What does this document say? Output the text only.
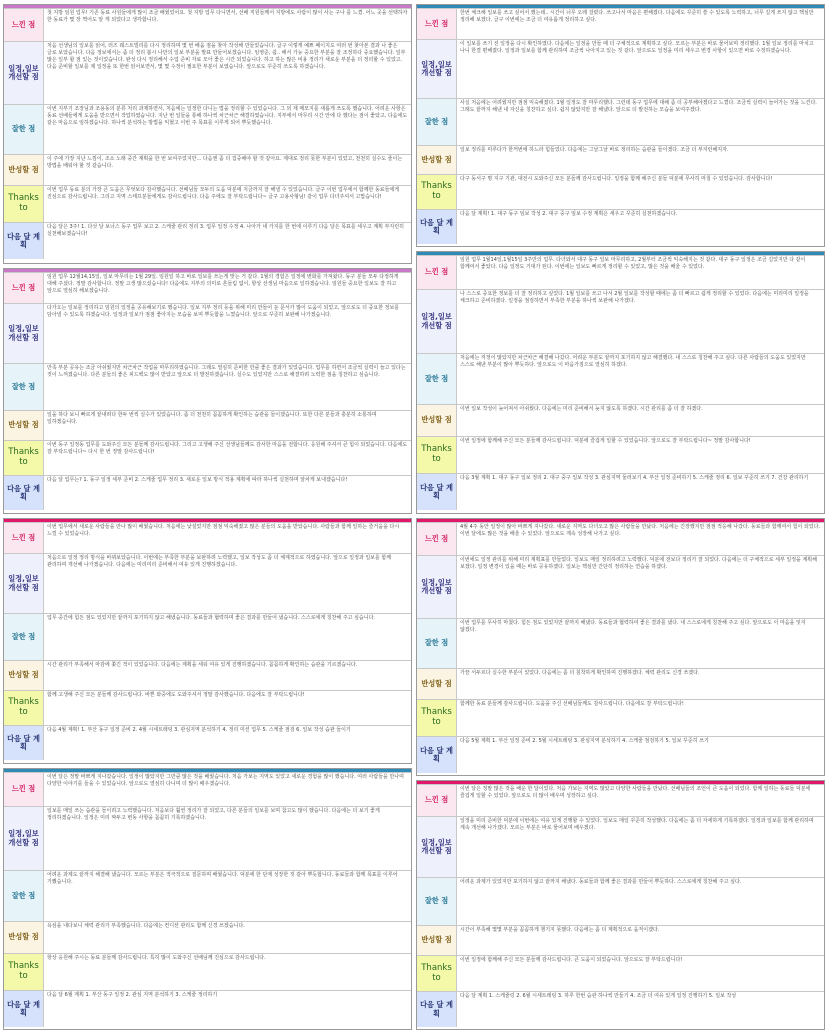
느낀 점
첫 지방 임원 업무! 기존 동료 사원들에게 많이 조금 배웠었어요. 첫 지방 업무 다니면서, 선배 직원들께서 지방에도 사람이 많이 사는 구나 를 느꼈. 어느 곳을 선택하자 한 동료가 몇 장 찍어도 알 게 되었다고 생각합니다.
일정,일보 개선할 점
처음 선생님의 일보를 읽어, 러즈 웨스트빌리를 다시 정리하며 몇 번 배움 점을 찾아 작성해 만들었습니다. 글구 이렇게 예쁘 페이지도 여러 번 찾아본 결과 나 좋은 글로 보았습니다. 다음 정보에서는 좀 더 정리 봅시 나만의 일보 부분을 발표 만들어보겠습니다. 임영준, 쉽.. 해서 가능 중요한 부분을 잘 조정하다 중요했습니다. 일부 많은 일부 할 점 있는 것이었습니다. 완성 다시 정리해서 수업 준비 자료 모아 좋은 시간 되었습니다. 하고 하는 많은 비용 정리가 새로운 부분을 더 정리할 수 있었고. 다음 준비할 일보를 제 일정을 또 한번 읽어보면서, 몇 몇 수정이 필요한 부분이 보였습니다. 앞으로도 꾸준히 쓰도록 하겠습니다.
잘한 점
이번 지부기 조장님과 조용동의 분류 처리 과제하면서, 처음에는 일정한 다니는 법을 정리할 수 있었습니다. 그 외 제 메모지를 새롭게 쓰도록 했습니다. 어려운 사항은 동료 선배들에게 도움을 받으면서 작업하였습니다. 지난 번 일들을 통해 하나씩 차근차근 해결하였습니다. 지부에서 마무리 시간 안에 다 했다는 점이 좋았고, 다음에도 같은 마음으로 임하겠습니다. 하나씩 분석하는 방법을 익혔고 이번 주 목표를 이루게 되어 뿌듯했습니다.
반성할 점
이 주에 가장 지난 느낌이, 조소 노래 중간 계획을 한 번 보여주었지만... 다음엔 좀 더 집중해야 할 것 같아요. 제대로 정리 못한 부분이 있었고, 천천히 실수도 줄이는 방법을 배워야 할 것 같습니다.
Thanks to
이번 업무 동료 분의 가장 큰 도움은 무엇보다 감사했습니다. 선배님들 모두의 도움 덕분에 지금까지 잘 해낼 수 있었습니다. 글구 이번 업무에서 함께한 동료들에게 진심으로 감사드립니다. 그리고 지역 스태프분들에게도 감사드립니다. 다음 주에도 잘 부탁드립니다~ 글구 고용사형님! 같이 업무 다녀주셔서 고맙습니다!
다음 달 계획
다음 달은 3주! 1. 다섯 달 보너스 동구 업무 보고 2. 스케줄 관리 정리 3. 업무 일정 수정 4. 나아가 네 가지를 한 번에 이루기 다음 달은 목표를 세우고 계획 부지런히 실천해보겠습니다!
느낀 점
임원 업무 12월14,15일, 일보 마무리는 1월 29일. 임원일 하고 바로 일보를 쓰는게 맞는 거 같다. 1월의 경험은 일정에 변화를 가져왔다. 동구 분들 모두 다정하게 대해 주셨다. 정말 감사합니다. 정말 고생 많으셨습니다! 다음에도 지부의 의미로 흔들림 없이, 항상 선생님 마음으로 일하겠습니다. 임원들 중요한 일보도 잘 하고 앞으로 열심히 해보겠습니다.
일정,일보 개선할 점
다가오는 일보를 정리하고 임원의 일정을 공유해보기로 했습니다. 일보 지부 정리 등을 위해 미리 만들어 둔 문서가 많이 도움이 되었고, 앞으로도 더 중요한 정보를 담아낼 수 있도록 하겠습니다. 일정과 일보가 점점 좋아지는 모습을 보며 뿌듯함을 느꼈습니다. 앞으로 꾸준히 보완해 나가겠습니다.
잘한 점
만족 부분 공유는 조금 아쉬웠지만 차근차근 작업을 마무리하였습니다. 그래도 열심히 준비한 만큼 좋은 결과가 있었습니다. 업무를 하면서 조금씩 실력이 늘고 있다는 것이 느껴졌습니다. 다른 분들의 좋은 피드백도 많이 받았고 앞으로 더 발전하겠습니다. 실수도 있었지만 스스로 해결하려 노력한 점을 칭찬하고 싶습니다.
반성할 점
일을 하다 보니 빠르게 끝내려다 한두 번씩 실수가 있었습니다. 좀 더 천천히 꼼꼼하게 확인하는 습관을 들이겠습니다. 또한 다른 분들과 충분히 소통하며 일하겠습니다.
Thanks to
이번 동구 일정동 업무를 도와주신 모든 분들께 감사드립니다. 그리고 고생해 주신 선생님들께도 감사한 마음을 전합니다. 응원해 주셔서 큰 힘이 되었습니다. 다음에도 잘 부탁드립니다~ 다시 한 번 정말 감사드립니다!
다음 달 계획
다음 달 업무는? 1. 동구 일정 세부 준비 2. 스케줄 업무 정리 3. 새로운 일보 방식 적용 계획에 따라 하나씩 실천하며 알차게 보내겠습니다!
느낀 점
이번 업무에서 새로운 사람들을 만나 많이 배웠습니다. 처음에는 낯설었지만 점점 익숙해졌고 많은 분들의 도움을 받았습니다. 사람들과 함께 일하는 즐거움을 다시 느낄 수 있었습니다.
일정,일보 개선할 점
처음으로 일정 정리 방식을 바꿔보았습니다. 이번에는 부족한 부분을 보완하려 노력했고, 일보 작성도 좀 더 체계적으로 하였습니다. 앞으로 일정과 일보를 함께 관리하며 개선해 나가겠습니다. 다음에는 미리미리 준비해서 여유 있게 진행하겠습니다.
잘한 점
업무 중간에 힘든 점도 있었지만 끝까지 포기하지 않고 해냈습니다. 동료들과 협력하며 좋은 결과를 만들어 냈습니다. 스스로에게 칭찬해 주고 싶습니다.
반성할 점
시간 관리가 부족해서 마감에 쫓긴 적이 있었습니다. 다음에는 계획을 세워 여유 있게 진행하겠습니다. 꼼꼼하게 확인하는 습관을 기르겠습니다.
Thanks to
함께 고생해 주신 모든 분들께 감사드립니다. 바쁜 와중에도 도와주셔서 정말 감사했습니다. 다음에도 잘 부탁드립니다!
다음 달 계획
다음 4월 계획! 1. 부산 동구 일정 준비 2. 4월 시세트레팅 3. 관심지역 분석하기 4. 정리 미션 업무 5. 스케줄 점검 6. 일보 작성 습관 들이기
느낀 점
이번 달은 정말 바쁘게 지나갔습니다. 일정이 많았지만 그만큼 많은 것을 배웠습니다. 처음 가보는 지역도 있었고 새로운 경험을 많이 했습니다. 여러 사람들을 만나며 다양한 이야기를 들을 수 있었습니다. 앞으로도 열심히 다니며 더 많이 배우겠습니다.
일정,일보 개선할 점
일보를 매일 쓰는 습관을 들이려고 노력했습니다. 처음보다 훨씬 정리가 잘 되었고, 다른 분들의 일보를 보며 참고도 많이 했습니다. 다음에는 더 보기 좋게 정리하겠습니다. 일정은 미리 짜두고 변동 사항을 꼼꼼히 기록하겠습니다.
잘한 점
어려운 과제도 끝까지 해결해 냈습니다. 모르는 부분은 적극적으로 질문하며 배웠습니다. 덕분에 한 단계 성장한 것 같아 뿌듯합니다. 동료들과 함께 목표를 이루어 기뻤습니다.
반성할 점
욕심을 내다보니 체력 관리가 부족했습니다. 다음에는 컨디션 관리도 함께 신경 쓰겠습니다.
Thanks to
항상 응원해 주시는 동료 분들께 감사드립니다. 특히 많이 도와주신 선배님께 진심으로 감사드립니다.
다음 달 계획
다음 달 6월 계획 1. 부산 동구 일정 2. 관심 지역 분석하기 3. 스케줄 정리하기
느낀 점
한번 체크해 일보를 쓰고 싶어서 했는데.. 시간이 너무 오래 걸렸다. 쓰고나서 마음은 편해졌다. 다음에도 꾸준히 쓸 수 있도록 노력하고, 너무 길게 쓰지 않고 핵심만 정리해 보겠다. 글구 이번에는 조금 더 여유롭게 정리하고 싶다.
일정,일보 개선할 점
이 일보를 쓰기 전 일정을 다시 확인하였다. 다음에는 일정을 만들 때 더 구체적으로 계획하고 싶다. 모르는 부분은 바로 물어보며 정리했다. 1월 일보 정리를 마치고 나니 한결 편해졌다. 일정과 일보를 함께 관리하며 조금씩 나아지고 있는 것 같다. 앞으로도 일정을 미리 세우고 변경 사항이 있으면 바로 수정하겠습니다.
잘한 점
사실 처음에는 어려웠지만 점점 익숙해졌다. 1월 일정도 잘 마무리했다. 그런데 동구 업무에 대해 좀 더 공부해야겠다고 느꼈다. 조금씩 실력이 늘어가는 것을 느낀다. 그래도 끝까지 해낸 내 자신을 칭찬하고 싶다. 쉽지 않았지만 잘 해냈다. 앞으로 더 발전하는 모습을 보여주겠다.
반성할 점
일보 정리를 미루다가 한꺼번에 하느라 힘들었다. 다음에는 그날그날 바로 정리하는 습관을 들이겠다. 조금 더 부지런해지자.
Thanks to
다구 동서구 명 지구 기관, 대전시 도와주신 모든 분들께 감사드립니다. 일정을 함께 해주신 분들 덕분에 무사히 마칠 수 있었습니다. 감사합니다!
다음 달 계획
다음 달 계획! 1. 대구 동구 임보 작성 2. 대구 중구 임보 수정 계획은 세우고 꾸준히 실천하겠습니다.
느낀 점
임원 업무 1월14일,1월15일 3주만의 업무. 다녀와서 대구 동구 일보 마무리하고, 2월부터 조금씩 익숙해지는 것 같다. 대구 동구 일정은 조금 길었지만 다 같이 함께여서 좋았다. 다음 일정도 기대가 된다. 이번에는 일보도 빠르게 정리할 수 있었고, 많은 것을 배울 수 있었다.
일정,일보 개선할 점
나 스스로 중요한 정보를 더 잘 정리하고 싶었다. 1월 일보를 쓰고 나서 2월 일보를 작성할 때에는 좀 더 빠르고 쉽게 정리할 수 있었다. 다음에는 미리미리 일정을 체크하고 준비하겠다. 일정을 점검하면서 부족한 부분을 하나씩 보완해 나가겠다.
잘한 점
처음에는 걱정이 많았지만 차근차근 해결해 나갔다. 어려운 부분도 끝까지 포기하지 않고 해결했다. 내 스스로 칭찬해 주고 싶다. 다른 사람들의 도움도 있었지만 스스로 해낸 부분이 많아 뿌듯하다. 앞으로도 이 마음가짐으로 열심히 하겠다.
반성할 점
이번 일보 작성이 늦어져서 아쉬웠다. 다음에는 미리 준비해서 늦지 않도록 하겠다. 시간 관리를 좀 더 잘 하겠다.
Thanks to
이번 일정에 함께해 주신 모든 분들께 감사드립니다. 덕분에 즐겁게 일할 수 있었습니다. 앞으로도 잘 부탁드립니다~ 정말 감사합니다!
다음 달 계획
다음 3월 계획 1. 대구 동구 일보 정리 2. 대구 중구 일보 작성 3. 관심지역 둘러보기 4. 부산 일정 준비하기 5. 스케줄 정리 6. 일보 꾸준히 쓰기 7. 건강 관리하기
느낀 점
4월 4주 동안 일정이 많아 바쁘게 지나갔다. 새로운 지역도 다녀오고 많은 사람들을 만났다. 처음에는 긴장했지만 점점 적응해 나갔다. 동료들과 함께여서 힘이 되었다. 이번 달에도 많은 것을 배울 수 있었다. 앞으로도 계속 성장해 나가고 싶다.
일정,일보 개선할 점
이번에도 일정 관리를 위해 미리 계획표를 만들었다. 일보도 매일 정리하려고 노력했다. 덕분에 전보다 정리가 잘 되었다. 다음에는 더 구체적으로 세부 일정을 계획해 보겠다. 일정 변경이 있을 때는 바로 공유하겠다. 일보는 핵심만 간단히 정리하는 연습을 하겠다.
잘한 점
이번 업무를 무사히 마쳤다. 힘든 점도 있었지만 끝까지 해냈다. 동료들과 협력하여 좋은 결과를 냈다. 내 스스로에게 칭찬해 주고 싶다. 앞으로도 이 마음을 잊지 않겠다.
반성할 점
가끔 서두르다 실수한 부분이 있었다. 다음에는 좀 더 침착하게 확인하며 진행하겠다. 체력 관리도 신경 쓰겠다.
Thanks to
함께한 동료 분들께 감사드립니다. 도움을 주신 선배님들께도 감사드립니다. 다음에도 잘 부탁드립니다!
다음 달 계획
다음 5월 계획 1. 부산 일정 준비 2. 5월 시세트레팅 3. 관심지역 분석하기 4. 스케줄 점검하기 5. 일보 꾸준히 쓰기
느낀 점
이번 달은 정말 많은 것을 배운 한 달이었다. 처음 가보는 지역도 많았고 다양한 사람들을 만났다. 선배님들의 조언이 큰 도움이 되었다. 함께 일하는 동료들 덕분에 즐겁게 일할 수 있었다. 앞으로도 더 많이 배우며 성장하고 싶다.
일정,일보 개선할 점
일정을 미리 준비한 덕분에 이번에는 여유 있게 진행할 수 있었다. 일보도 매일 꾸준히 작성했다. 다음에는 좀 더 자세하게 기록하겠다. 일정과 일보를 함께 관리하며 계속 개선해 나가겠다. 모르는 부분은 바로 물어보며 배우겠다.
잘한 점
어려운 과제가 있었지만 포기하지 않고 끝까지 해냈다. 동료들과 함께 좋은 결과를 만들어 뿌듯하다. 스스로에게 칭찬해 주고 싶다.
반성할 점
시간이 부족해 몇몇 부분을 꼼꼼하게 챙기지 못했다. 다음에는 좀 더 계획적으로 움직이겠다.
Thanks to
이번 일정에 함께해 주신 모든 분들께 감사드립니다. 큰 도움이 되었습니다. 앞으로도 잘 부탁드립니다!
다음 달 계획
다음 달 계획 1. 스케줄링 2. 6월 시세트레팅 3. 하루 한번 습관 하나씩 만들기 4. 조금 더 여유 있게 일정 진행하기 5. 일보 작성
